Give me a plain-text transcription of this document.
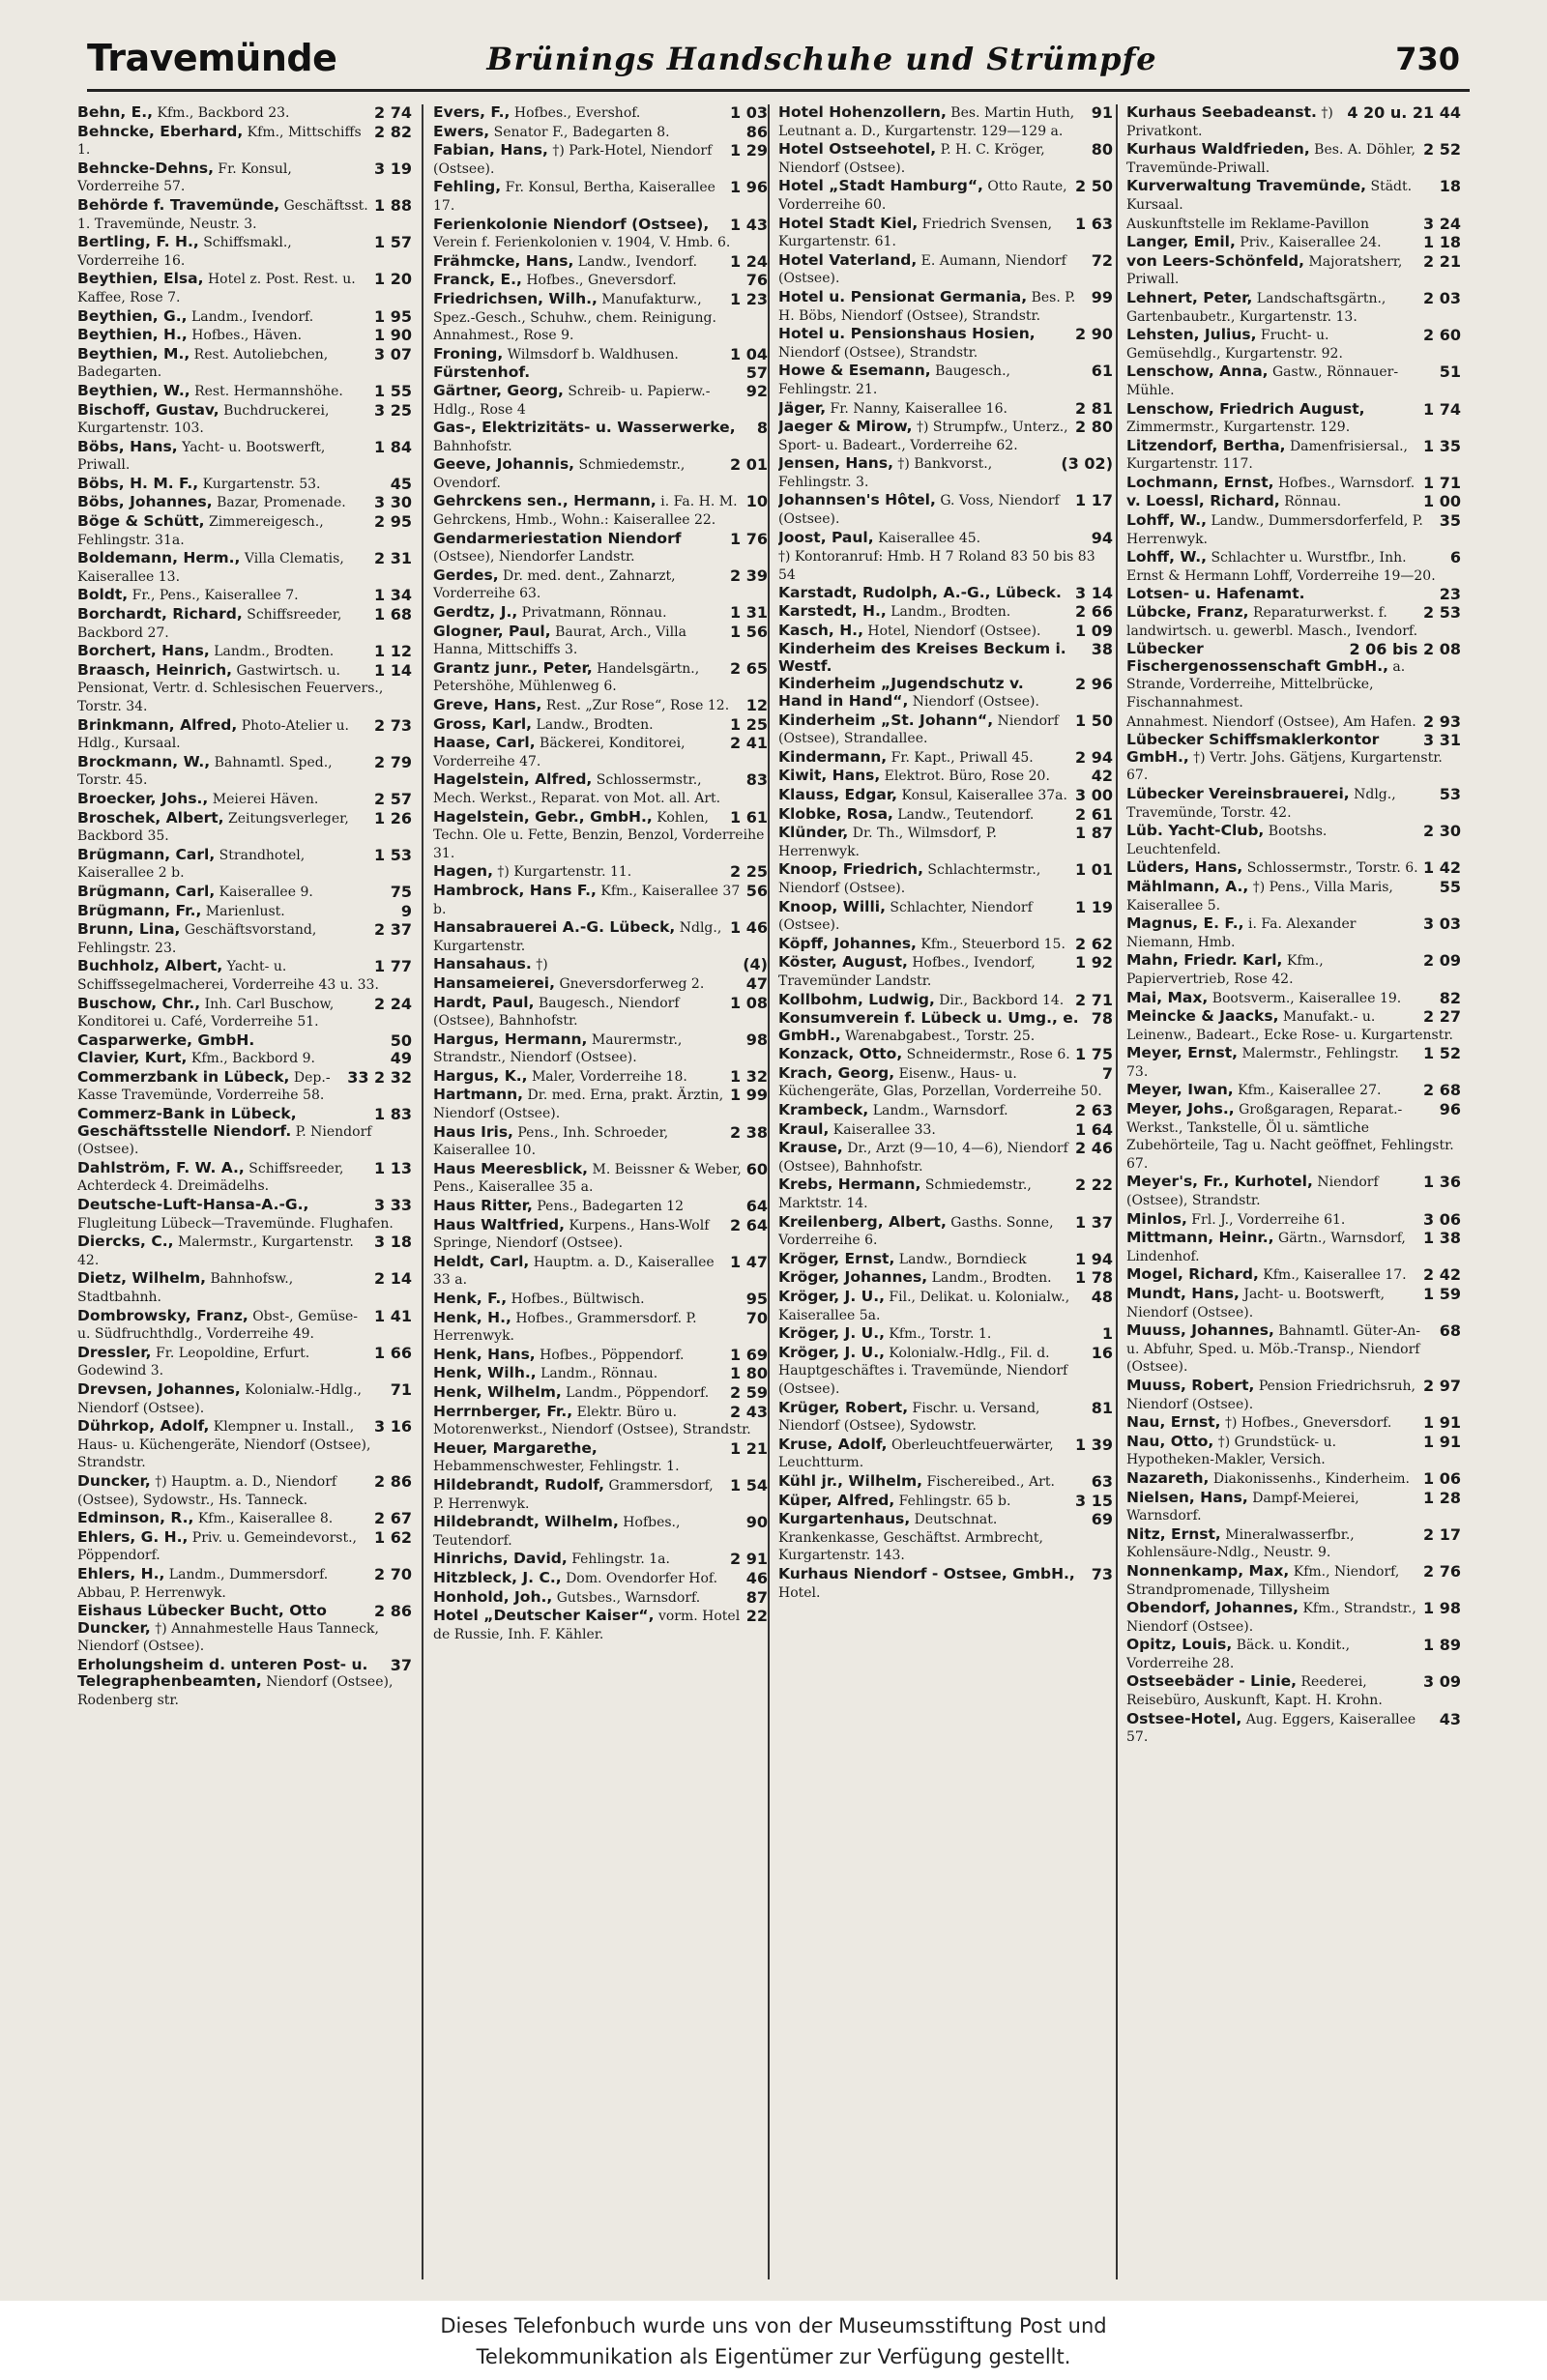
Travemünde	Brünings Handschuhe und Strümpfe	730
2 74
Behn, E., Kfm., Backbord 23.
2 82
Behncke, Eberhard, Kfm., Mittschiffs 1.
3 19
Behncke-Dehns, Fr. Konsul, Vorderreihe 57.
1 88
Behörde f. Travemünde, Geschäftsst. 1. Travemünde, Neustr. 3.
1 57
Bertling, F. H., Schiffsmakl., Vorderreihe 16.
1 20
Beythien, Elsa, Hotel z. Post. Rest. u. Kaffee, Rose 7.
1 95
Beythien, G., Landm., Ivendorf.
1 90
Beythien, H., Hofbes., Häven.
3 07
Beythien, M., Rest. Autoliebchen, Badegarten.
1 55
Beythien, W., Rest. Hermannshöhe.
3 25
Bischoff, Gustav, Buchdruckerei, Kurgartenstr. 103.
1 84
Böbs, Hans, Yacht- u. Bootswerft, Priwall.
45
Böbs, H. M. F., Kurgartenstr. 53.
3 30
Böbs, Johannes, Bazar, Promenade.
2 95
Böge & Schütt, Zimmereigesch., Fehlingstr. 31a.
2 31
Boldemann, Herm., Villa Clematis, Kaiserallee 13.
1 34
Boldt, Fr., Pens., Kaiserallee 7.
1 68
Borchardt, Richard, Schiffsreeder, Backbord 27.
1 12
Borchert, Hans, Landm., Brodten.
1 14
Braasch, Heinrich, Gastwirtsch. u. Pensionat, Vertr. d. Schlesischen Feuervers., Torstr. 34.
2 73
Brinkmann, Alfred, Photo-Atelier u. Hdlg., Kursaal.
2 79
Brockmann, W., Bahnamtl. Sped., Torstr. 45.
2 57
Broecker, Johs., Meierei Häven.
1 26
Broschek, Albert, Zeitungsverleger, Backbord 35.
1 53
Brügmann, Carl, Strandhotel, Kaiserallee 2 b.
75
Brügmann, Carl, Kaiserallee 9.
9
Brügmann, Fr., Marienlust.
2 37
Brunn, Lina, Geschäftsvorstand, Fehlingstr. 23.
1 77
Buchholz, Albert, Yacht- u. Schiffssegelmacherei, Vorderreihe 43 u. 33.
2 24
Buschow, Chr., Inh. Carl Buschow, Konditorei u. Café, Vorderreihe 51.
50
Casparwerke, GmbH.
49
Clavier, Kurt, Kfm., Backbord 9.
33 2 32
Commerzbank in Lübeck, Dep.-Kasse Travemünde, Vorderreihe 58.
1 83
Commerz-Bank in Lübeck, Geschäftsstelle Niendorf. P. Niendorf (Ostsee).
1 13
Dahlström, F. W. A., Schiffsreeder, Achterdeck 4. Dreimädelhs.
3 33
Deutsche-Luft-Hansa-A.-G., Flugleitung Lübeck—Travemünde. Flughafen.
3 18
Diercks, C., Malermstr., Kurgartenstr. 42.
2 14
Dietz, Wilhelm, Bahnhofsw., Stadtbahnh.
1 41
Dombrowsky, Franz, Obst-, Gemüse- u. Südfruchthdlg., Vorderreihe 49.
1 66
Dressler, Fr. Leopoldine, Erfurt. Godewind 3.
71
Drevsen, Johannes, Kolonialw.-Hdlg., Niendorf (Ostsee).
3 16
Dührkop, Adolf, Klempner u. Install., Haus- u. Küchengeräte, Niendorf (Ostsee), Strandstr.
2 86
Duncker, †) Hauptm. a. D., Niendorf (Ostsee), Sydowstr., Hs. Tanneck.
2 67
Edminson, R., Kfm., Kaiserallee 8.
1 62
Ehlers, G. H., Priv. u. Gemeindevorst., Pöppendorf.
2 70
Ehlers, H., Landm., Dummersdorf. Abbau, P. Herrenwyk.
2 86
Eishaus Lübecker Bucht, Otto Duncker, †) Annahmestelle Haus Tanneck, Niendorf (Ostsee).
37
Erholungsheim d. unteren Post- u. Telegraphenbeamten, Niendorf (Ostsee), Rodenberg str.
1 03
Evers, F., Hofbes., Evershof.
86
Ewers, Senator F., Badegarten 8.
1 29
Fabian, Hans, †) Park-Hotel, Niendorf (Ostsee).
1 96
Fehling, Fr. Konsul, Bertha, Kaiserallee 17.
1 43
Ferienkolonie Niendorf (Ostsee), Verein f. Ferienkolonien v. 1904, V. Hmb. 6.
1 24
Frähmcke, Hans, Landw., Ivendorf.
76
Franck, E., Hofbes., Gneversdorf.
1 23
Friedrichsen, Wilh., Manufakturw., Spez.-Gesch., Schuhw., chem. Reinigung. Annahmest., Rose 9.
1 04
Froning, Wilmsdorf b. Waldhusen.
57
Fürstenhof.
92
Gärtner, Georg, Schreib- u. Papierw.-Hdlg., Rose 4
8
Gas-, Elektrizitäts- u. Wasserwerke, Bahnhofstr.
2 01
Geeve, Johannis, Schmiedemstr., Ovendorf.
10
Gehrckens sen., Hermann, i. Fa. H. M. Gehrckens, Hmb., Wohn.: Kaiserallee 22.
1 76
Gendarmeriestation Niendorf (Ostsee), Niendorfer Landstr.
2 39
Gerdes, Dr. med. dent., Zahnarzt, Vorderreihe 63.
1 31
Gerdtz, J., Privatmann, Rönnau.
1 56
Glogner, Paul, Baurat, Arch., Villa Hanna, Mittschiffs 3.
2 65
Grantz junr., Peter, Handelsgärtn., Petershöhe, Mühlenweg 6.
12
Greve, Hans, Rest. „Zur Rose“, Rose 12.
1 25
Gross, Karl, Landw., Brodten.
2 41
Haase, Carl, Bäckerei, Konditorei, Vorderreihe 47.
83
Hagelstein, Alfred, Schlossermstr., Mech. Werkst., Reparat. von Mot. all. Art.
1 61
Hagelstein, Gebr., GmbH., Kohlen, Techn. Ole u. Fette, Benzin, Benzol, Vorderreihe 31.
2 25
Hagen, †) Kurgartenstr. 11.
56
Hambrock, Hans F., Kfm., Kaiserallee 37 b.
1 46
Hansabrauerei A.-G. Lübeck, Ndlg., Kurgartenstr.
(4)
Hansahaus. †)
47
Hansameierei, Gneversdorferweg 2.
1 08
Hardt, Paul, Baugesch., Niendorf (Ostsee), Bahnhofstr.
98
Hargus, Hermann, Maurermstr., Strandstr., Niendorf (Ostsee).
1 32
Hargus, K., Maler, Vorderreihe 18.
1 99
Hartmann, Dr. med. Erna, prakt. Ärztin, Niendorf (Ostsee).
2 38
Haus Iris, Pens., Inh. Schroeder, Kaiserallee 10.
60
Haus Meeresblick, M. Beissner & Weber, Pens., Kaiserallee 35 a.
64
Haus Ritter, Pens., Badegarten 12
2 64
Haus Waltfried, Kurpens., Hans-Wolf Springe, Niendorf (Ostsee).
1 47
Heldt, Carl, Hauptm. a. D., Kaiserallee 33 a.
95
Henk, F., Hofbes., Bültwisch.
70
Henk, H., Hofbes., Grammersdorf. P. Herrenwyk.
1 69
Henk, Hans, Hofbes., Pöppendorf.
1 80
Henk, Wilh., Landm., Rönnau.
2 59
Henk, Wilhelm, Landm., Pöppendorf.
2 43
Herrnberger, Fr., Elektr. Büro u. Motorenwerkst., Niendorf (Ostsee), Strandstr.
1 21
Heuer, Margarethe, Hebammenschwester, Fehlingstr. 1.
1 54
Hildebrandt, Rudolf, Grammersdorf, P. Herrenwyk.
90
Hildebrandt, Wilhelm, Hofbes., Teutendorf.
2 91
Hinrichs, David, Fehlingstr. 1a.
46
Hitzbleck, J. C., Dom. Ovendorfer Hof.
87
Honhold, Joh., Gutsbes., Warnsdorf.
22
Hotel „Deutscher Kaiser“, vorm. Hotel de Russie, Inh. F. Kähler.
91
Hotel Hohenzollern, Bes. Martin Huth, Leutnant a. D., Kurgartenstr. 129—129 a.
80
Hotel Ostseehotel, P. H. C. Kröger, Niendorf (Ostsee).
2 50
Hotel „Stadt Hamburg“, Otto Raute, Vorderreihe 60.
1 63
Hotel Stadt Kiel, Friedrich Svensen, Kurgartenstr. 61.
72
Hotel Vaterland, E. Aumann, Niendorf (Ostsee).
99
Hotel u. Pensionat Germania, Bes. P. H. Böbs, Niendorf (Ostsee), Strandstr.
2 90
Hotel u. Pensionshaus Hosien, Niendorf (Ostsee), Strandstr.
61
Howe & Esemann, Baugesch., Fehlingstr. 21.
2 81
Jäger, Fr. Nanny, Kaiserallee 16.
2 80
Jaeger & Mirow, †) Strumpfw., Unterz., Sport- u. Badeart., Vorderreihe 62.
(3 02)
Jensen, Hans, †) Bankvorst., Fehlingstr. 3.
1 17
Johannsen's Hôtel, G. Voss, Niendorf (Ostsee).
94
Joost, Paul, Kaiserallee 45.
†) Kontoranruf: Hmb. H 7 Roland 83 50 bis 83 54
3 14
Karstadt, Rudolph, A.-G., Lübeck.
2 66
Karstedt, H., Landm., Brodten.
1 09
Kasch, H., Hotel, Niendorf (Ostsee).
38
Kinderheim des Kreises Beckum i. Westf.
2 96
Kinderheim „Jugendschutz v. Hand in Hand“, Niendorf (Ostsee).
1 50
Kinderheim „St. Johann“, Niendorf (Ostsee), Strandallee.
2 94
Kindermann, Fr. Kapt., Priwall 45.
42
Kiwit, Hans, Elektrot. Büro, Rose 20.
3 00
Klauss, Edgar, Konsul, Kaiserallee 37a.
2 61
Klobke, Rosa, Landw., Teutendorf.
1 87
Klünder, Dr. Th., Wilmsdorf, P. Herrenwyk.
1 01
Knoop, Friedrich, Schlachtermstr., Niendorf (Ostsee).
1 19
Knoop, Willi, Schlachter, Niendorf (Ostsee).
2 62
Köpff, Johannes, Kfm., Steuerbord 15.
1 92
Köster, August, Hofbes., Ivendorf, Travemünder Landstr.
2 71
Kollbohm, Ludwig, Dir., Backbord 14.
78
Konsumverein f. Lübeck u. Umg., e. GmbH., Warenabgabest., Torstr. 25.
1 75
Konzack, Otto, Schneidermstr., Rose 6.
7
Krach, Georg, Eisenw., Haus- u. Küchengeräte, Glas, Porzellan, Vorderreihe 50.
2 63
Krambeck, Landm., Warnsdorf.
1 64
Kraul, Kaiserallee 33.
2 46
Krause, Dr., Arzt (9—10, 4—6), Niendorf (Ostsee), Bahnhofstr.
2 22
Krebs, Hermann, Schmiedemstr., Marktstr. 14.
1 37
Kreilenberg, Albert, Gasths. Sonne, Vorderreihe 6.
1 94
Kröger, Ernst, Landw., Borndieck
1 78
Kröger, Johannes, Landm., Brodten.
48
Kröger, J. U., Fil., Delikat. u. Kolonialw., Kaiserallee 5a.
1
Kröger, J. U., Kfm., Torstr. 1.
16
Kröger, J. U., Kolonialw.-Hdlg., Fil. d. Hauptgeschäftes i. Travemünde, Niendorf (Ostsee).
81
Krüger, Robert, Fischr. u. Versand, Niendorf (Ostsee), Sydowstr.
1 39
Kruse, Adolf, Oberleuchtfeuerwärter, Leuchtturm.
63
Kühl jr., Wilhelm, Fischereibed., Art.
3 15
Küper, Alfred, Fehlingstr. 65 b.
69
Kurgartenhaus, Deutschnat. Krankenkasse, Geschäftst. Armbrecht, Kurgartenstr. 143.
73
Kurhaus Niendorf - Ostsee, GmbH., Hotel.
4 20 u. 21 44
Kurhaus Seebadeanst. †) Privatkont.
2 52
Kurhaus Waldfrieden, Bes. A. Döhler, Travemünde-Priwall.
18
Kurverwaltung Travemünde, Städt. Kursaal.
3 24
Auskunftstelle im Reklame-Pavillon
1 18
Langer, Emil, Priv., Kaiserallee 24.
2 21
von Leers-Schönfeld, Majoratsherr, Priwall.
2 03
Lehnert, Peter, Landschaftsgärtn., Gartenbaubetr., Kurgartenstr. 13.
2 60
Lehsten, Julius, Frucht- u. Gemüsehdlg., Kurgartenstr. 92.
51
Lenschow, Anna, Gastw., Rönnauer-Mühle.
1 74
Lenschow, Friedrich August, Zimmermstr., Kurgartenstr. 129.
1 35
Litzendorf, Bertha, Damenfrisiersal., Kurgartenstr. 117.
1 71
Lochmann, Ernst, Hofbes., Warnsdorf.
1 00
v. Loessl, Richard, Rönnau.
35
Lohff, W., Landw., Dummersdorferfeld, P. Herrenwyk.
6
Lohff, W., Schlachter u. Wurstfbr., Inh. Ernst & Hermann Lohff, Vorderreihe 19—20.
23
Lotsen- u. Hafenamt.
2 53
Lübcke, Franz, Reparaturwerkst. f. landwirtsch. u. gewerbl. Masch., Ivendorf.
2 06 bis 2 08
Lübecker Fischergenossenschaft GmbH., a. Strande, Vorderreihe, Mittelbrücke, Fischannahmest.
2 93
Annahmest. Niendorf (Ostsee), Am Hafen.
3 31
Lübecker Schiffsmaklerkontor GmbH., †) Vertr. Johs. Gätjens, Kurgartenstr. 67.
53
Lübecker Vereinsbrauerei, Ndlg., Travemünde, Torstr. 42.
2 30
Lüb. Yacht-Club, Bootshs. Leuchtenfeld.
1 42
Lüders, Hans, Schlossermstr., Torstr. 6.
55
Mählmann, A., †) Pens., Villa Maris, Kaiserallee 5.
3 03
Magnus, E. F., i. Fa. Alexander Niemann, Hmb.
2 09
Mahn, Friedr. Karl, Kfm., Papiervertrieb, Rose 42.
82
Mai, Max, Bootsverm., Kaiserallee 19.
2 27
Meincke & Jaacks, Manufakt.- u. Leinenw., Badeart., Ecke Rose- u. Kurgartenstr.
1 52
Meyer, Ernst, Malermstr., Fehlingstr. 73.
2 68
Meyer, Iwan, Kfm., Kaiserallee 27.
96
Meyer, Johs., Großgaragen, Reparat.-Werkst., Tankstelle, Öl u. sämtliche Zubehörteile, Tag u. Nacht geöffnet, Fehlingstr. 67.
1 36
Meyer's, Fr., Kurhotel, Niendorf (Ostsee), Strandstr.
3 06
Minlos, Frl. J., Vorderreihe 61.
1 38
Mittmann, Heinr., Gärtn., Warnsdorf, Lindenhof.
2 42
Mogel, Richard, Kfm., Kaiserallee 17.
1 59
Mundt, Hans, Jacht- u. Bootswerft, Niendorf (Ostsee).
68
Muuss, Johannes, Bahnamtl. Güter-An- u. Abfuhr, Sped. u. Möb.-Transp., Niendorf (Ostsee).
2 97
Muuss, Robert, Pension Friedrichsruh, Niendorf (Ostsee).
1 91
Nau, Ernst, †) Hofbes., Gneversdorf.
1 91
Nau, Otto, †) Grundstück- u. Hypotheken-Makler, Versich.
1 06
Nazareth, Diakonissenhs., Kinderheim.
1 28
Nielsen, Hans, Dampf-Meierei, Warnsdorf.
2 17
Nitz, Ernst, Mineralwasserfbr., Kohlensäure-Ndlg., Neustr. 9.
2 76
Nonnenkamp, Max, Kfm., Niendorf, Strandpromenade, Tillysheim
1 98
Obendorf, Johannes, Kfm., Strandstr., Niendorf (Ostsee).
1 89
Opitz, Louis, Bäck. u. Kondit., Vorderreihe 28.
3 09
Ostseebäder - Linie, Reederei, Reisebüro, Auskunft, Kapt. H. Krohn.
43
Ostsee-Hotel, Aug. Eggers, Kaiserallee 57.
Dieses Telefonbuch wurde uns von der Museumsstiftung Post und
Telekommunikation als Eigentümer zur Verfügung gestellt.
